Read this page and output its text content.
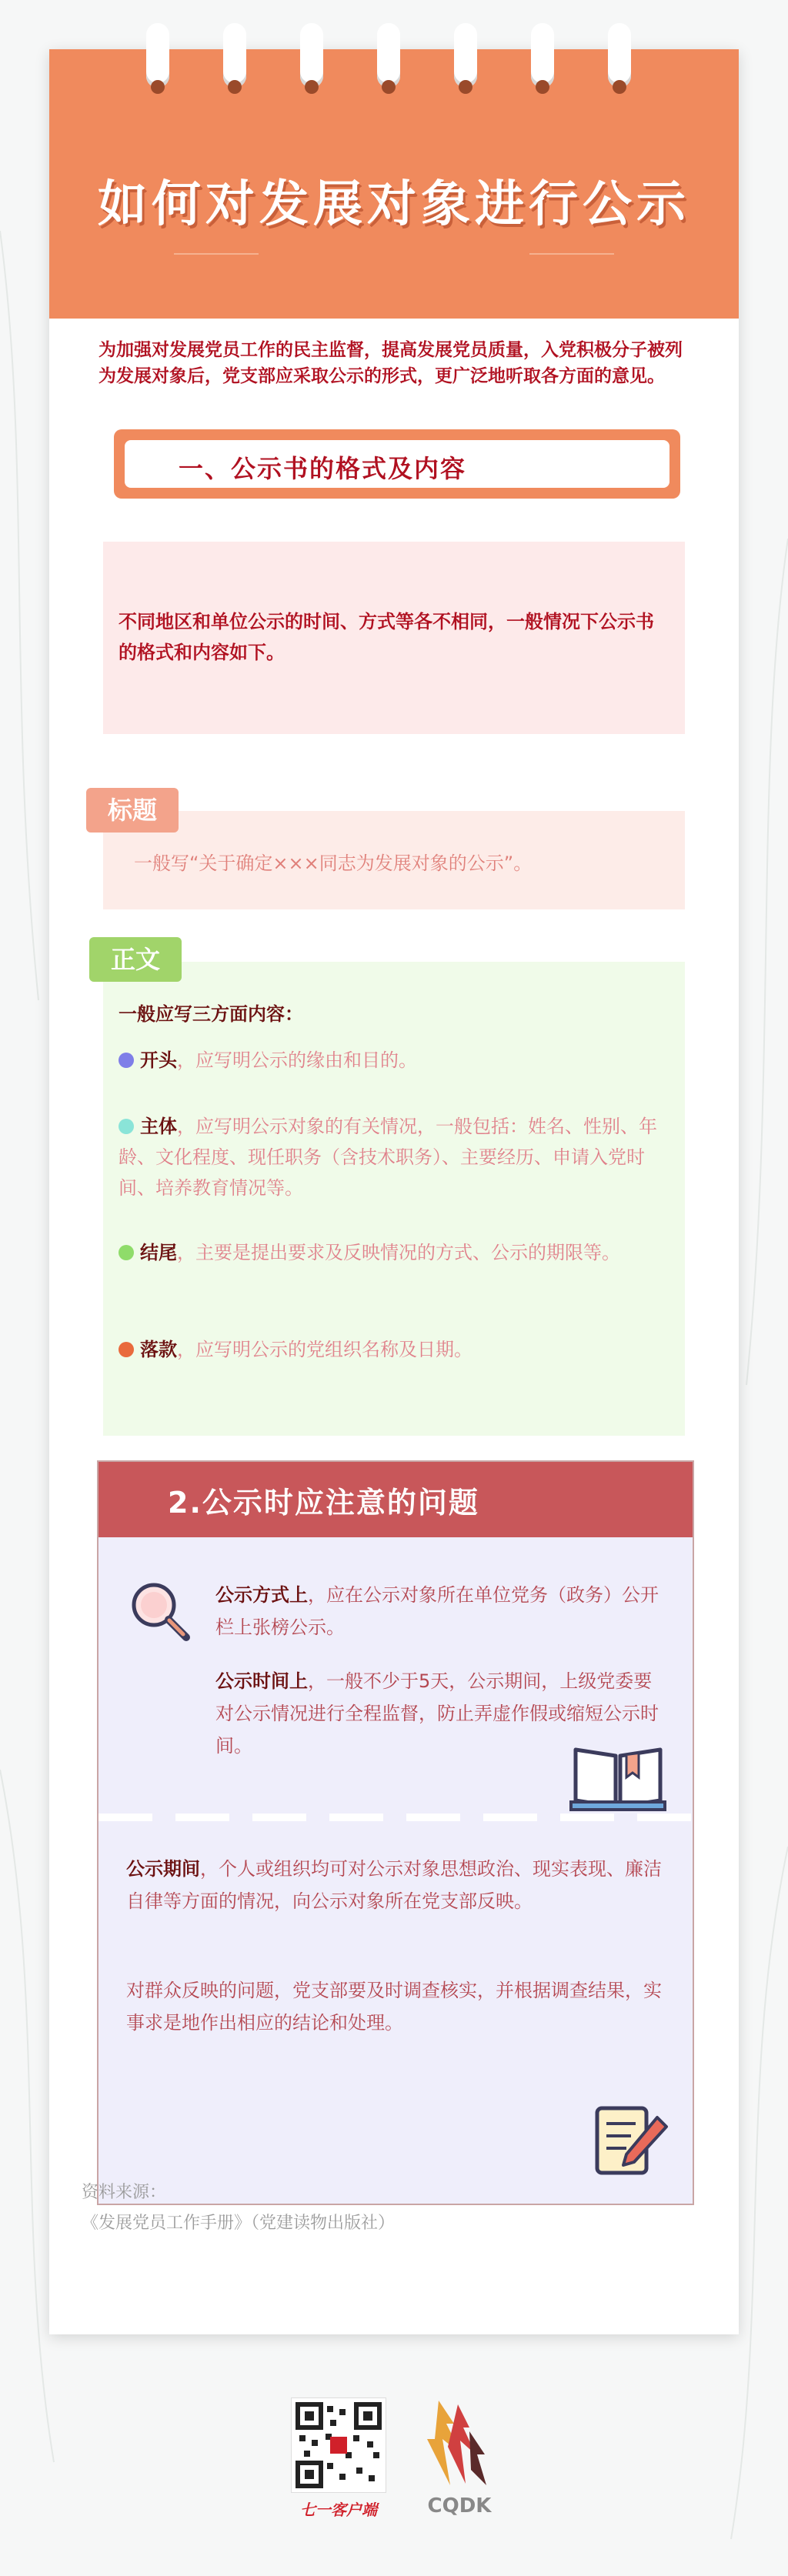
如何对发展对象进行公示
为加强对发展党员工作的民主监督，提高发展党员质量，入党积极分子被列为发展对象后，党支部应采取公示的形式，更广泛地听取各方面的意见。
一、公示书的格式及内容

不同地区和单位公示的时间、方式等各不相同，一般情况下公示书的格式和内容如下。

一般写“关于确定×××同志为发展对象的公示”。

标题
一般应写三方面内容：
开头，应写明公示的缘由和目的。
主体，应写明公示对象的有关情况，一般包括：姓名、性别、年龄、文化程度、现任职务（含技术职务）、主要经历、申请入党时间、培养教育情况等。
结尾，主要是提出要求及反映情况的方式、公示的期限等。
落款，应写明公示的党组织名称及日期。
正文
2.公示时应注意的问题
公示方式上，应在公示对象所在单位党务（政务）公开栏上张榜公示。
公示时间上，一般不少于5天，公示期间，上级党委要对公示情况进行全程监督，防止弄虚作假或缩短公示时间。
公示期间，个人或组织均可对公示对象思想政治、现实表现、廉洁自律等方面的情况，向公示对象所在党支部反映。
对群众反映的问题，党支部要及时调查核实，并根据调查结果，实事求是地作出相应的结论和处理。
资料来源：
《发展党员工作手册》（党建读物出版社）
七一客户端	CQDK
